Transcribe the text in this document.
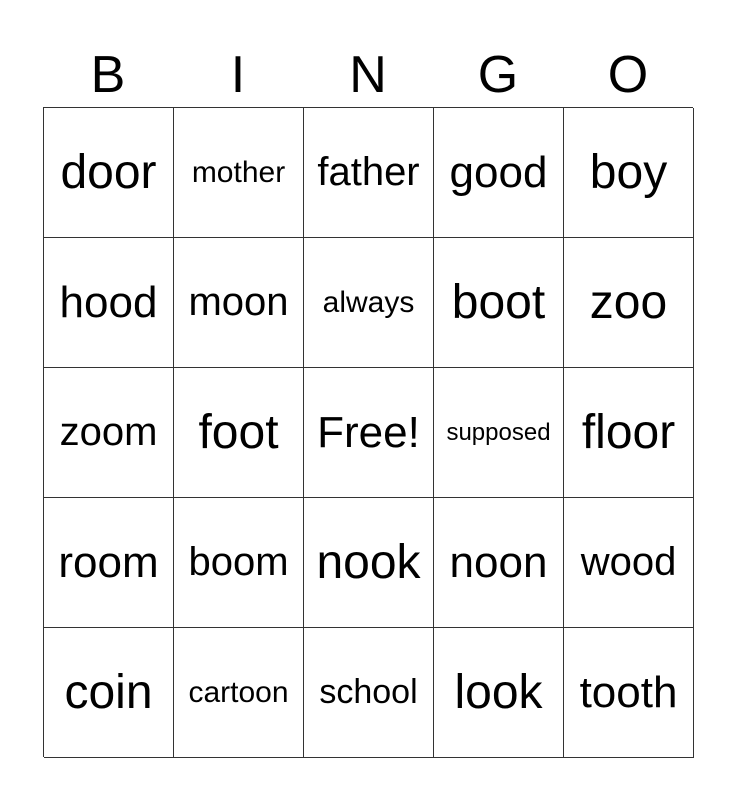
B	I	N	G	O
door mother father good boy
hood moon always boot zoo
zoom foot Free! supposed floor
room boom nook noon wood
coin cartoon school look tooth
